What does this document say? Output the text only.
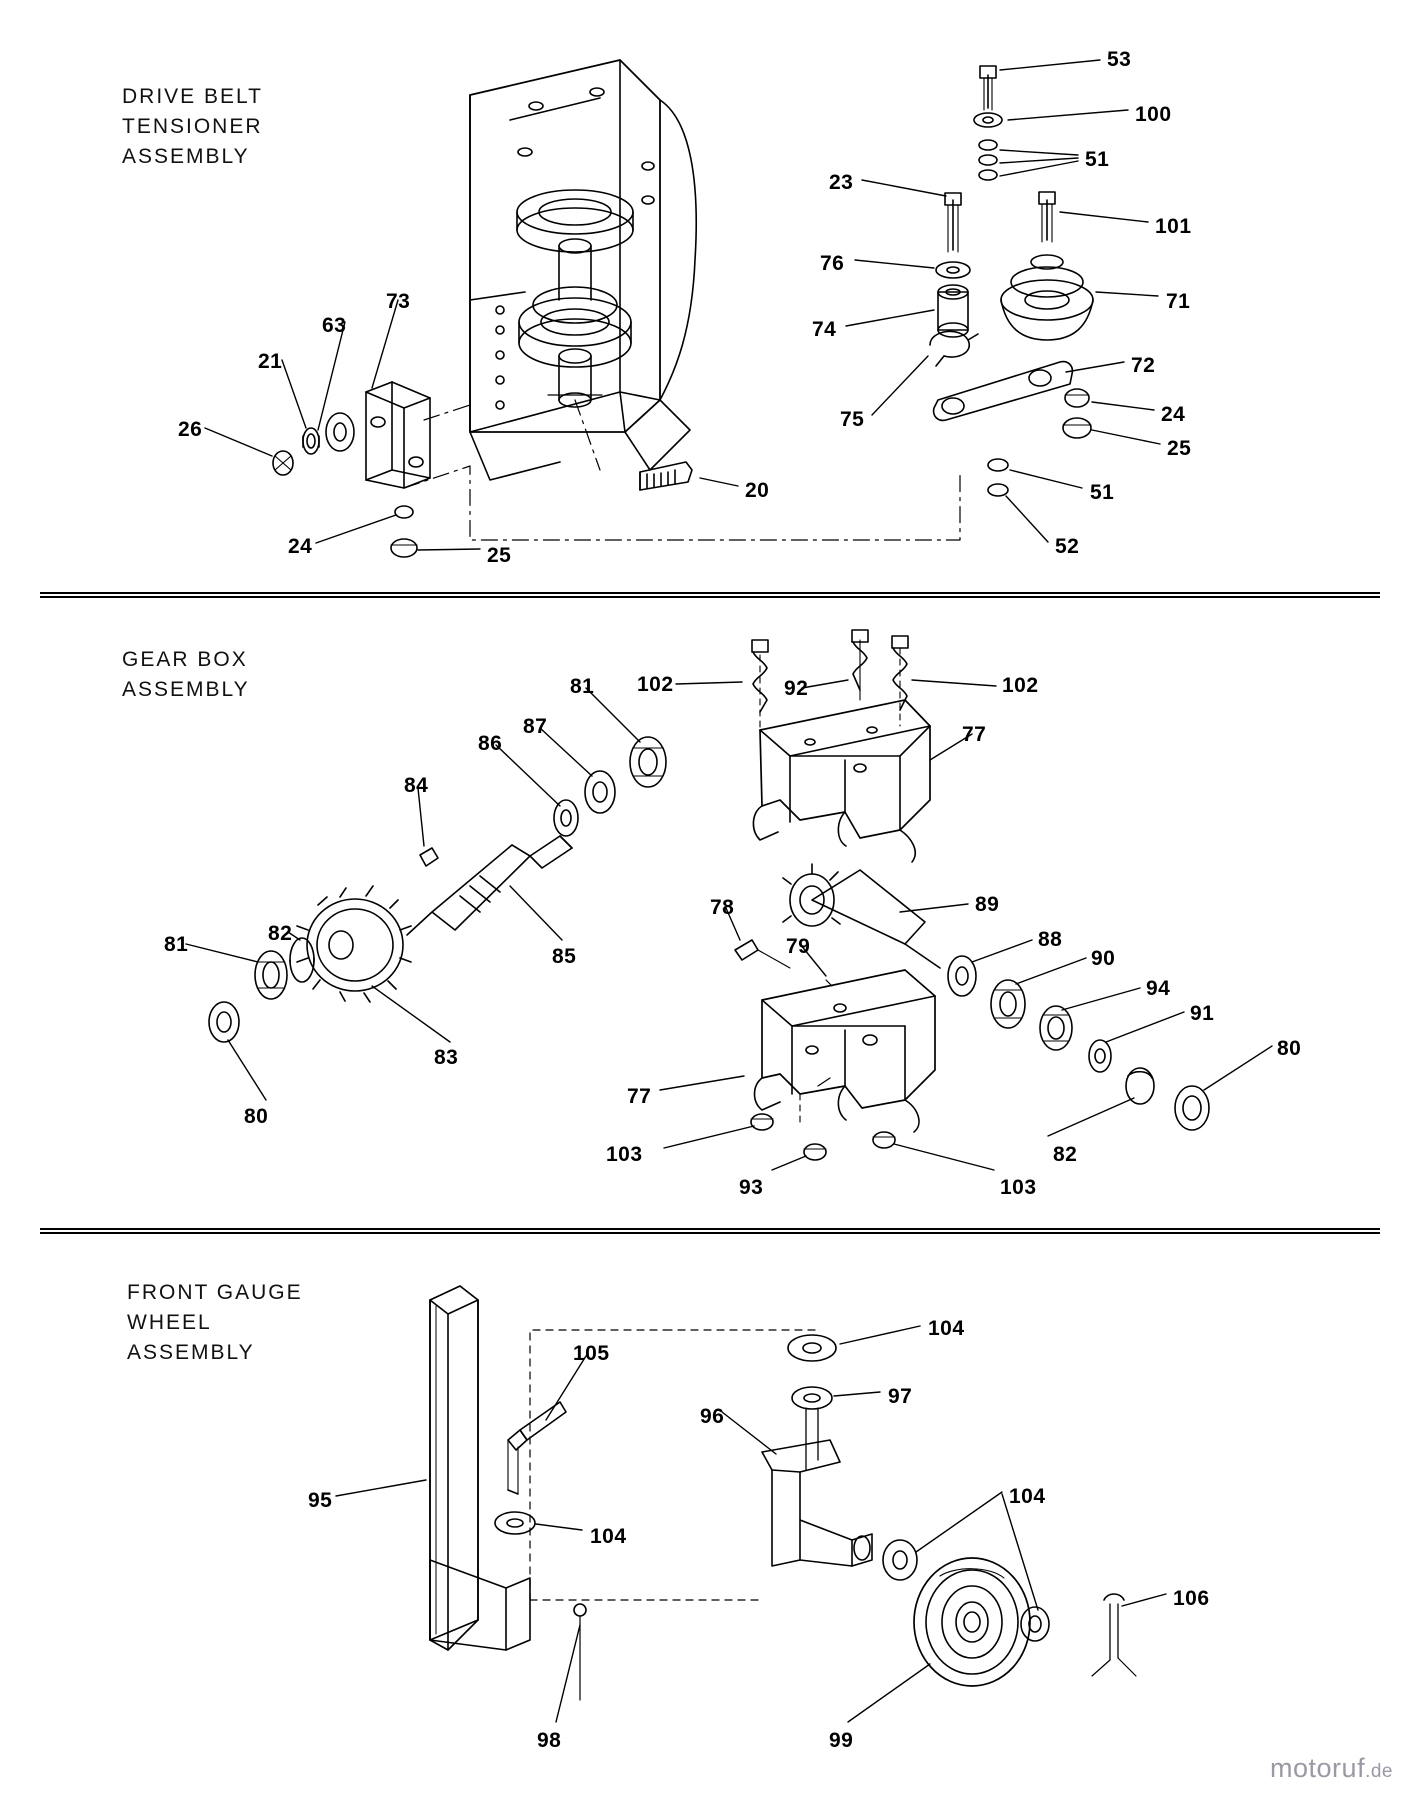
DRIVE BELT
TENSIONER
ASSEMBLY
GEAR BOX
ASSEMBLY
FRONT GAUGE
WHEEL
ASSEMBLY
53
100
51
23
101
76
71
63
73
74
72
21
24
26	75
25
20	51
24	25	52
81 102	92	102
87
86	77
84
89
78
88
82
79
90
85
81
94
91
83	80
77
82
80
103
93	103
104
105
97
96
95	104
104
106
98	99
motoruf.de
